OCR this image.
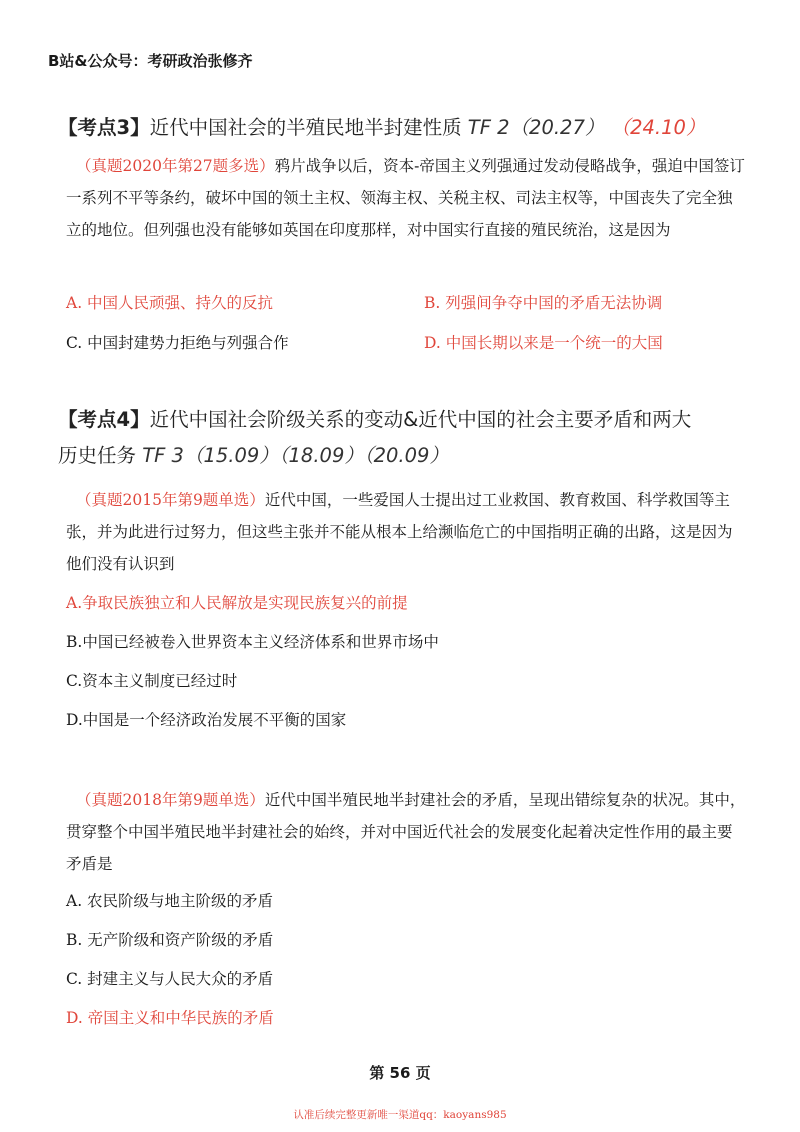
B站&公众号：考研政治张修齐
【考点3】近代中国社会的半殖民地半封建性质 TF 2（20.27） （24.10）
（真题2020年第27题多选）鸦片战争以后，资本-帝国主义列强通过发动侵略战争，强迫中国签订一系列不平等条约，破坏中国的领土主权、领海主权、关税主权、司法主权等，中国丧失了完全独立的地位。但列强也没有能够如英国在印度那样，对中国实行直接的殖民统治，这是因为
A. 中国人民顽强、持久的反抗	B. 列强间争夺中国的矛盾无法协调
C. 中国封建势力拒绝与列强合作	D. 中国长期以来是一个统一的大国
【考点4】近代中国社会阶级关系的变动&近代中国的社会主要矛盾和两大
历史任务 TF 3（15.09）（18.09）（20.09）
（真题2015年第9题单选）近代中国，一些爱国人士提出过工业救国、教育救国、科学救国等主张，并为此进行过努力，但这些主张并不能从根本上给濒临危亡的中国指明正确的出路，这是因为他们没有认识到
A.争取民族独立和人民解放是实现民族复兴的前提
B.中国已经被卷入世界资本主义经济体系和世界市场中
C.资本主义制度已经过时
D.中国是一个经济政治发展不平衡的国家
（真题2018年第9题单选）近代中国半殖民地半封建社会的矛盾，呈现出错综复杂的状况。其中，贯穿整个中国半殖民地半封建社会的始终，并对中国近代社会的发展变化起着决定性作用的最主要矛盾是
A. 农民阶级与地主阶级的矛盾
B. 无产阶级和资产阶级的矛盾
C. 封建主义与人民大众的矛盾
D. 帝国主义和中华民族的矛盾
第 56 页
认准后续完整更新唯一渠道qq：kaoyans985
